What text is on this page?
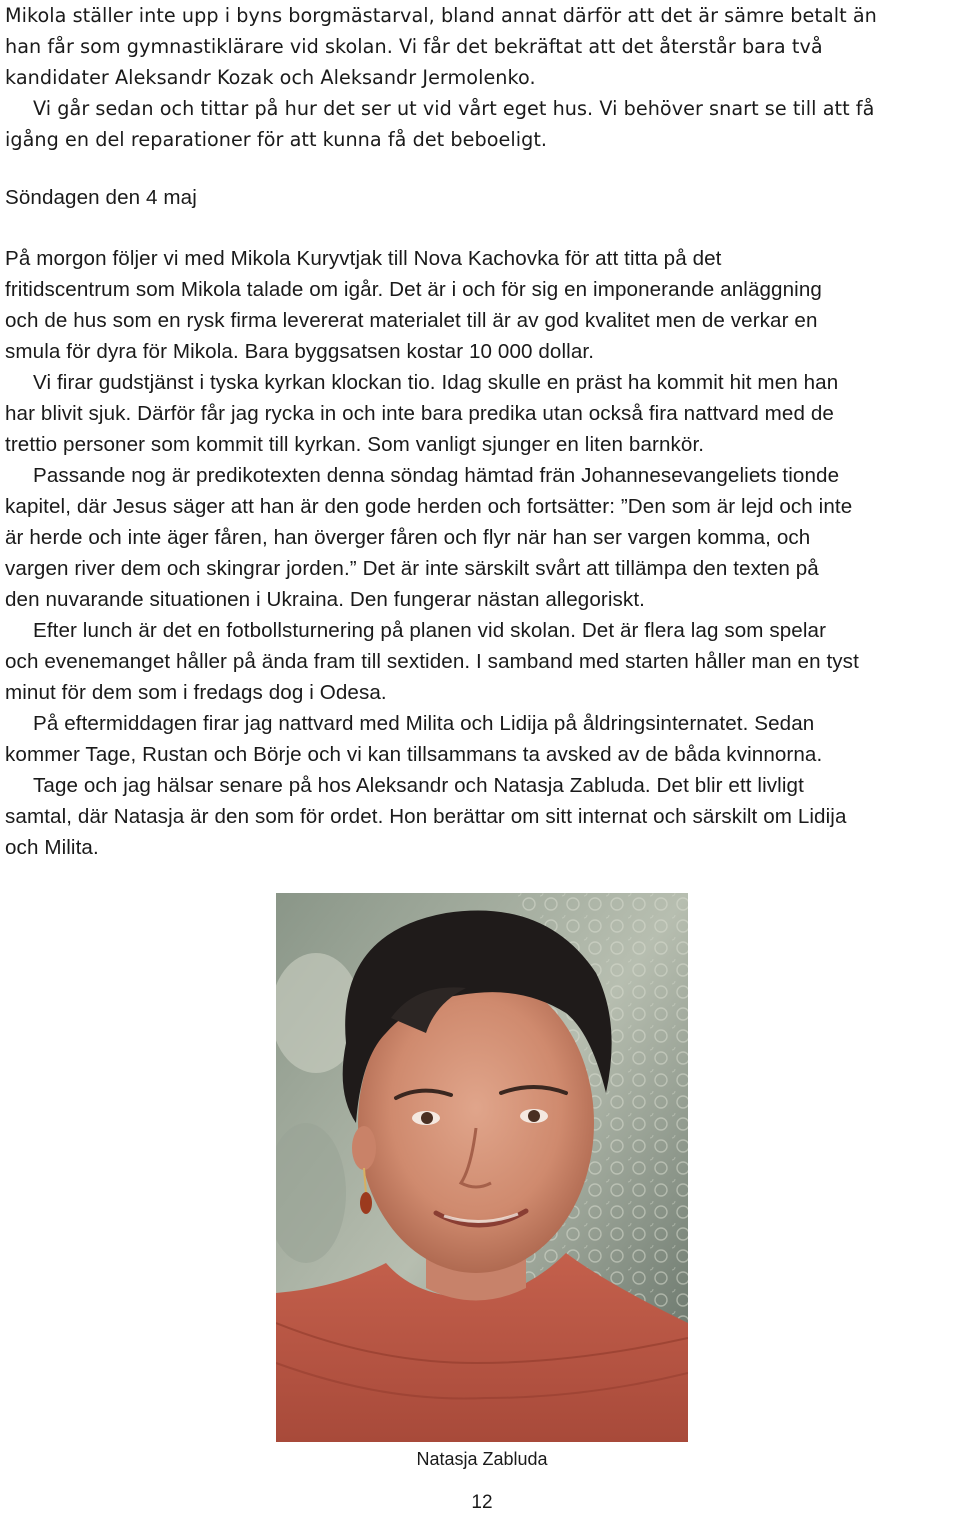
Mikola ställer inte upp i byns borgmästarval, bland annat därför att det är sämre betalt än
han får som gymnastiklärare vid skolan. Vi får det bekräftat att det återstår bara två
kandidater Aleksandr Kozak och Aleksandr Jermolenko.
Vi går sedan och tittar på hur det ser ut vid vårt eget hus. Vi behöver snart se till att få
igång en del reparationer för att kunna få det beboeligt.
Söndagen den 4 maj
På morgon följer vi med Mikola Kuryvtjak till Nova Kachovka för att titta på det
fritidscentrum som Mikola talade om igår. Det är i och för sig en imponerande anläggning
och de hus som en rysk firma levererat materialet till är av god kvalitet men de verkar en
smula för dyra för Mikola. Bara byggsatsen kostar 10 000 dollar.
Vi firar gudstjänst i tyska kyrkan klockan tio. Idag skulle en präst ha kommit hit men han
har blivit sjuk. Därför får jag rycka in och inte bara predika utan också fira nattvard med de
trettio personer som kommit till kyrkan. Som vanligt sjunger en liten barnkör.
Passande nog är predikotexten denna söndag hämtad frän Johannesevangeliets tionde
kapitel, där Jesus säger att han är den gode herden och fortsätter: ”Den som är lejd och inte
är herde och inte äger fåren, han överger fåren och flyr när han ser vargen komma, och
vargen river dem och skingrar jorden.” Det är inte särskilt svårt att tillämpa den texten på
den nuvarande situationen i Ukraina. Den fungerar nästan allegoriskt.
Efter lunch är det en fotbollsturnering på planen vid skolan. Det är flera lag som spelar
och evenemanget håller på ända fram till sextiden. I samband med starten håller man en tyst
minut för dem som i fredags dog i Odesa.
På eftermiddagen firar jag nattvard med Milita och Lidija på åldringsinternatet. Sedan
kommer Tage, Rustan och Börje och vi kan tillsammans ta avsked av de båda kvinnorna.
Tage och jag hälsar senare på hos Aleksandr och Natasja Zabluda. Det blir ett livligt
samtal, där Natasja är den som för ordet. Hon berättar om sitt internat och särskilt om Lidija
och Milita.
Natasja Zabluda
12
